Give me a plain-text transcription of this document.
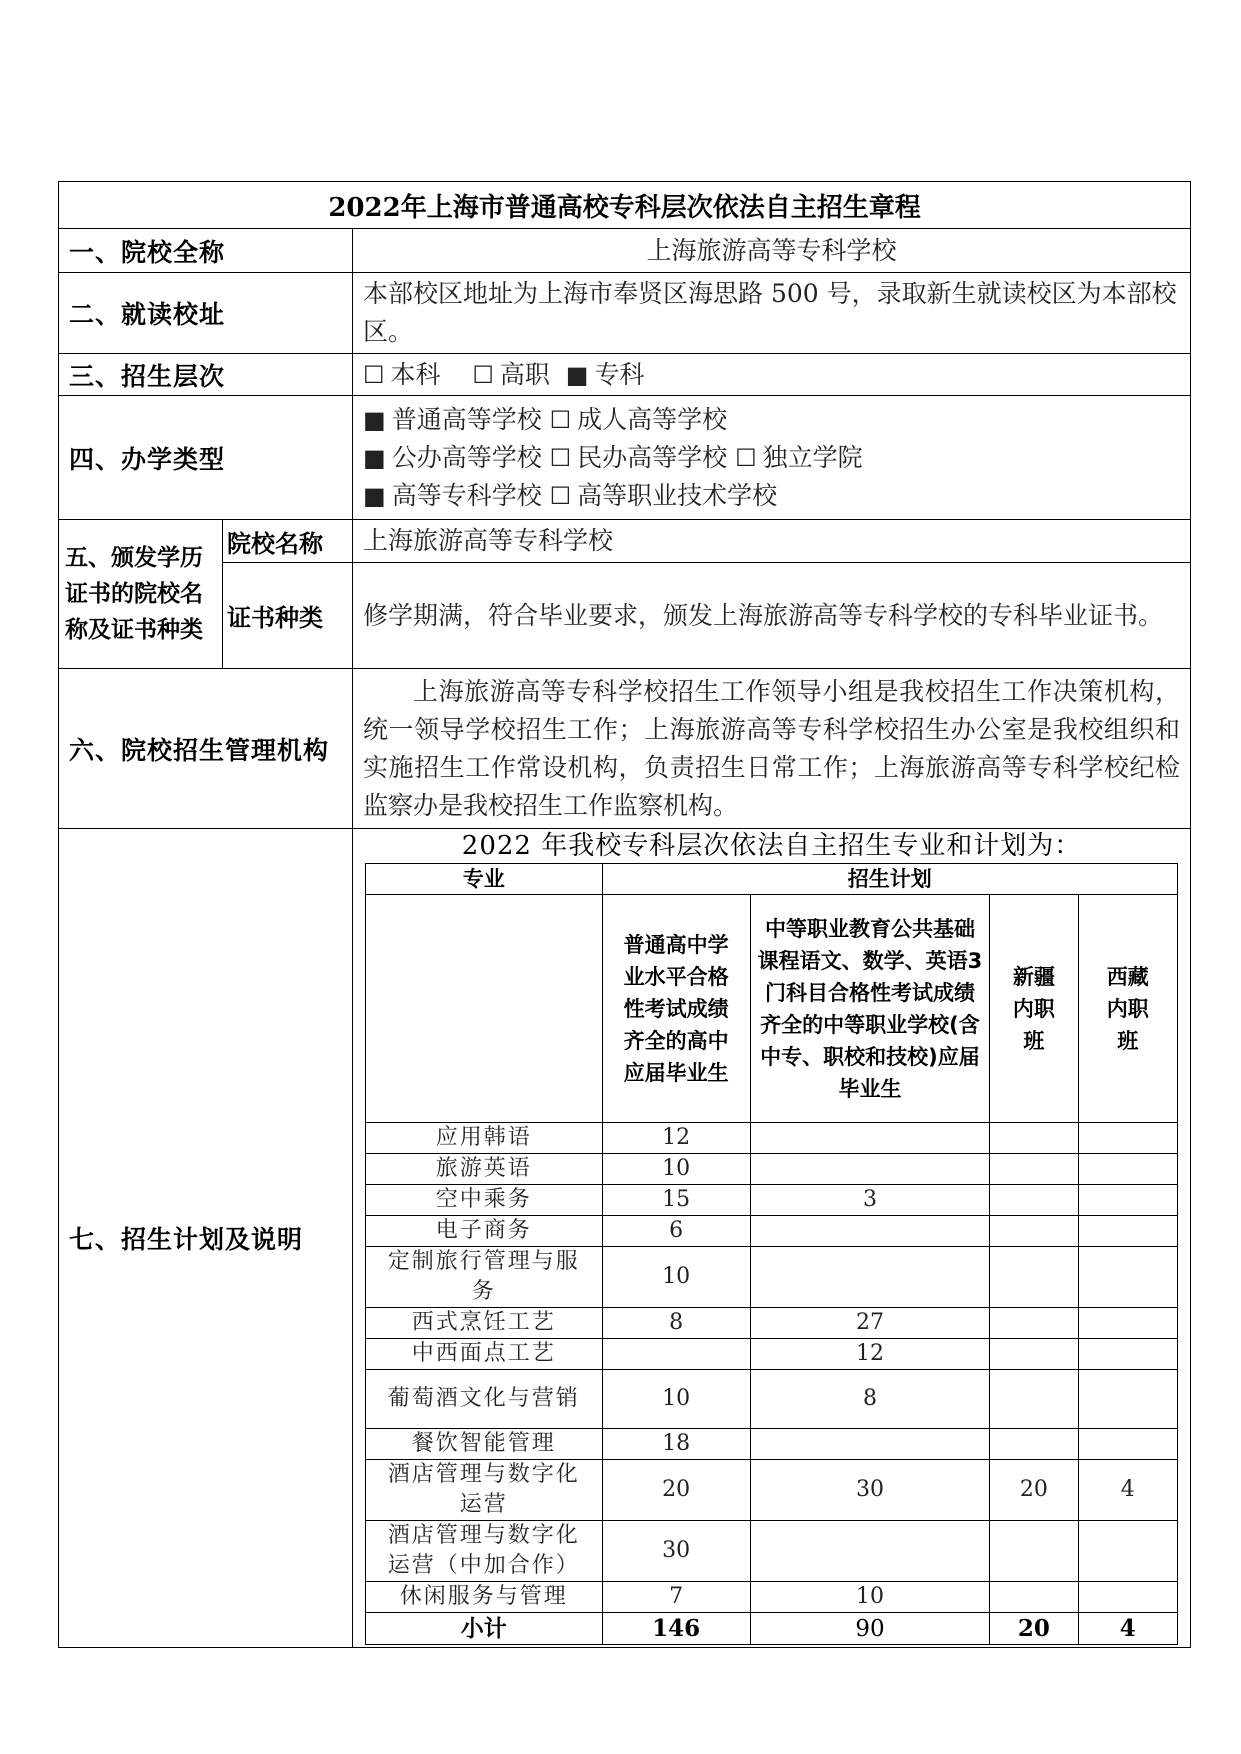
2022年上海市普通高校专科层次依法自主招生章程
一、院校全称	上海旅游高等专科学校
二、就读校址	本部校区地址为上海市奉贤区海思路 500 号，录取新生就读校区为本部校区。
三、招生层次	☐ 本科 ☐ 高职 ■ 专科
四、办学类型	
■ 普通高等学校 ☐ 成人高等学校
■ 公办高等学校 ☐ 民办高等学校 ☐ 独立学院
■ 高等专科学校 ☐ 高等职业技术学校

五、颁发学历证书的院校名称及证书种类	院校名称	上海旅游高等专科学校
证书种类	修学期满，符合毕业要求，颁发上海旅游高等专科学校的专科毕业证书。
六、院校招生管理机构	上海旅游高等专科学校招生工作领导小组是我校招生工作决策机构，统一领导学校招生工作；上海旅游高等专科学校招生办公室是我校组织和实施招生工作常设机构，负责招生日常工作；上海旅游高等专科学校纪检监察办是我校招生工作监察机构。
七、招生计划及说明	

2022 年我校专科层次依法自主招生专业和计划为：

专业	招生计划
	普通高中学业水平合格性考试成绩齐全的高中应届毕业生	中等职业教育公共基础课程语文、数学、英语3门科目合格性考试成绩齐全的中等职业学校(含中专、职校和技校)应届毕业生	新疆内职班	西藏内职班
应用韩语	12			
旅游英语	10			
空中乘务	15	3		
电子商务	6			
定制旅行管理与服务	10			
西式烹饪工艺	8	27		
中西面点工艺		12		
葡萄酒文化与营销	10	8		
餐饮智能管理	18			
酒店管理与数字化运营	20	30	20	4
酒店管理与数字化运营（中加合作）	30			
休闲服务与管理	7	10		
小计	146	90	20	4
